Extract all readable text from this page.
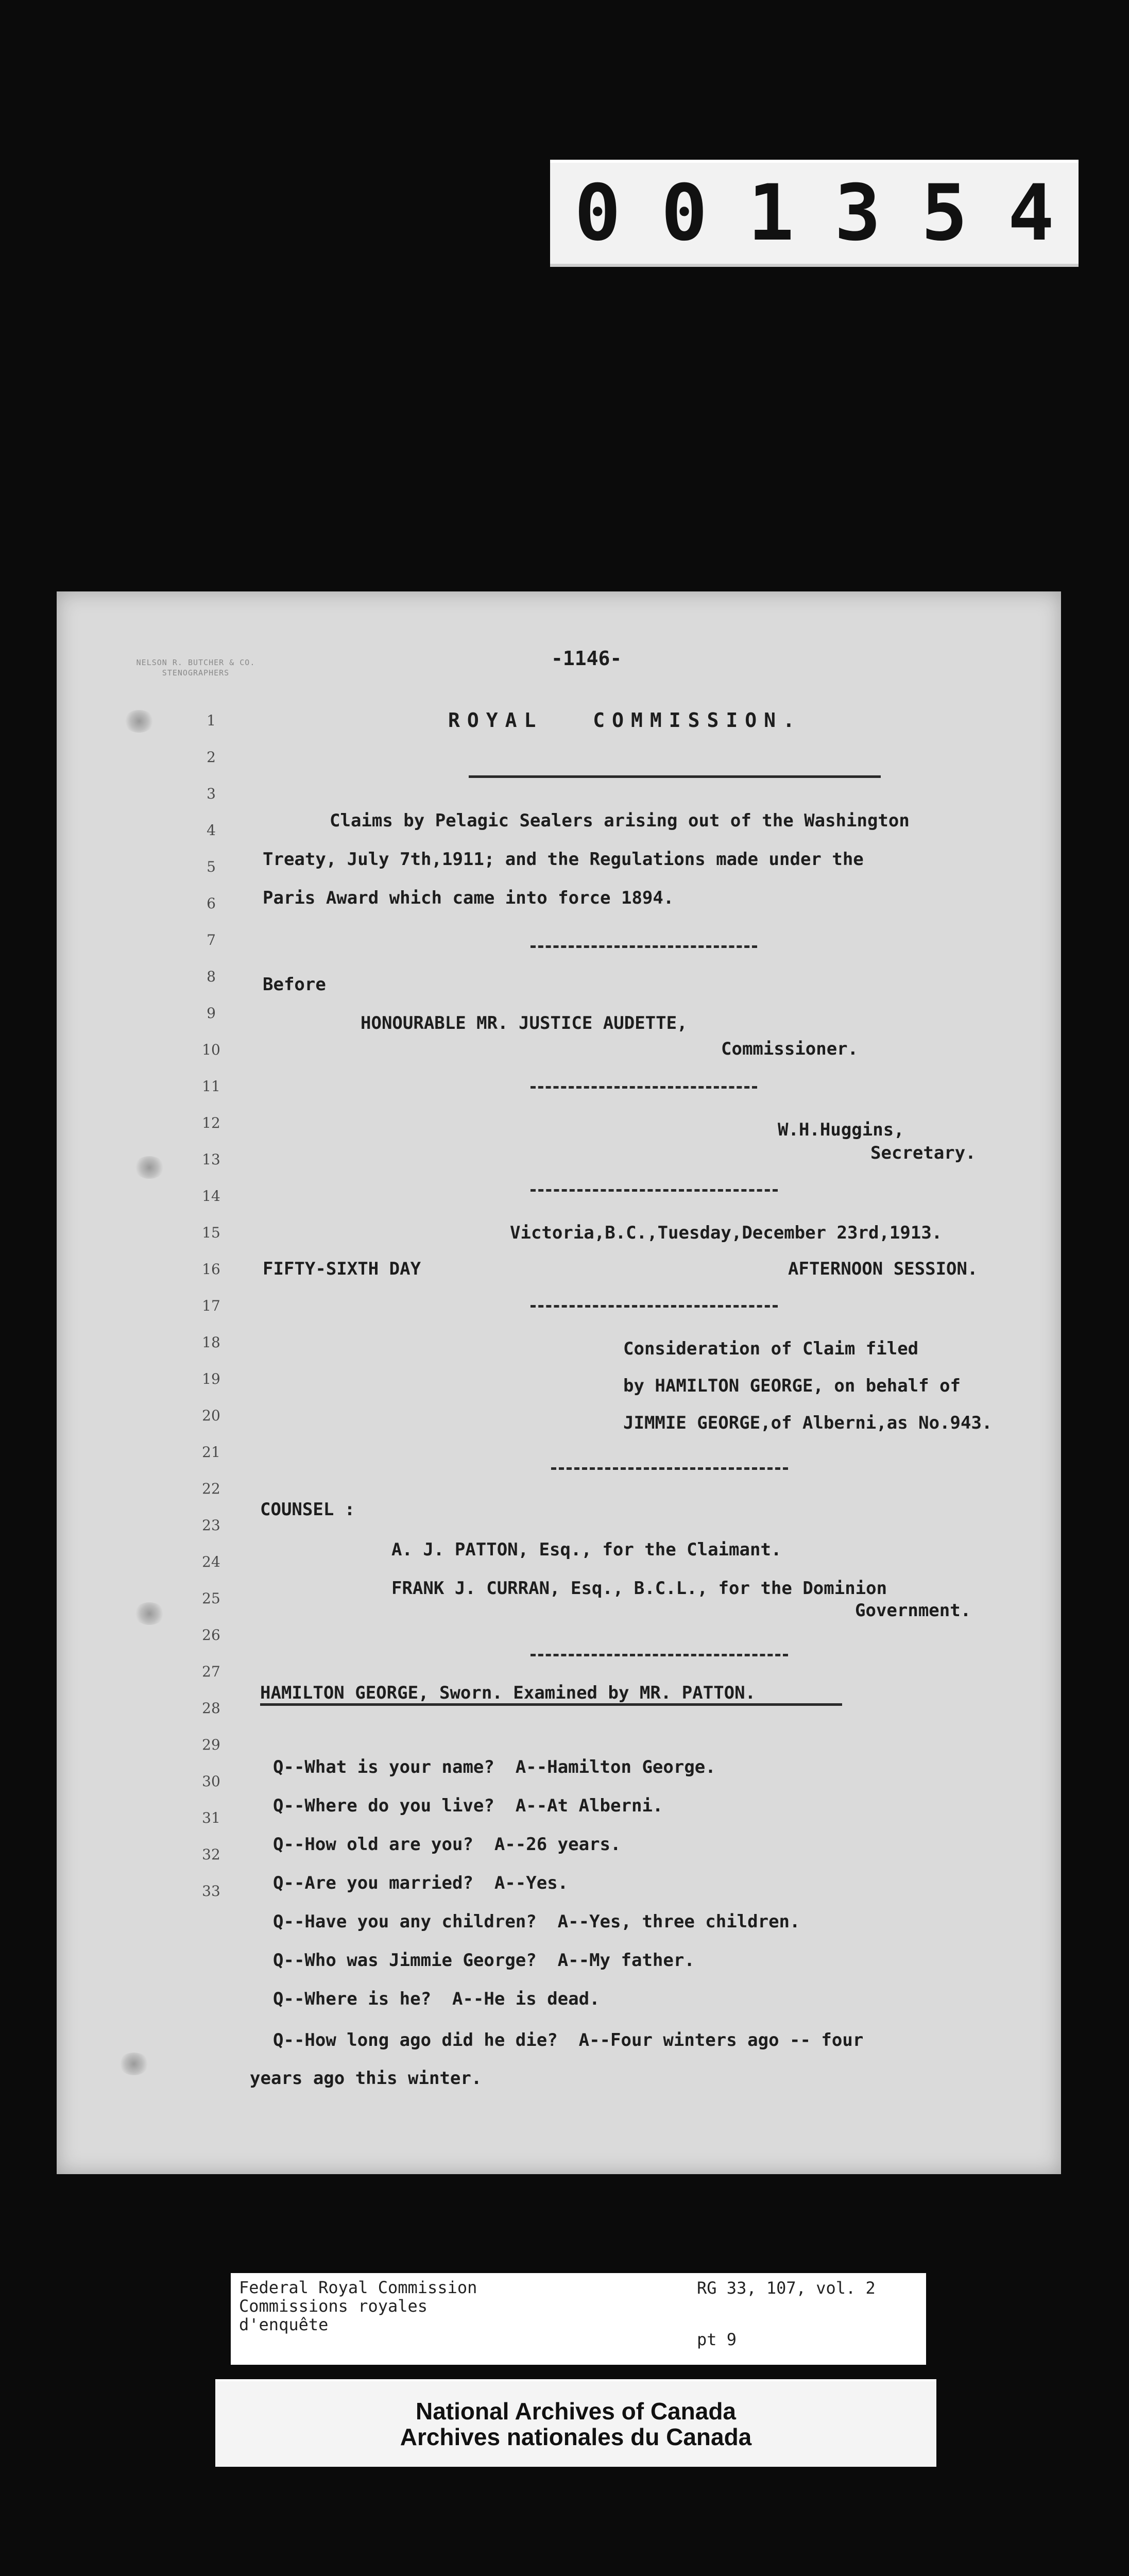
001354
NELSON R. BUTCHER & CO.
STENOGRAPHERS
-1146-
ROYAL COMMISSION.
1
2
3
4
5
6
7
8
9
10
11
12
13
14
15
16
17
18
19
20
21
22
23
24
25
26
27
28
29
30
31
32
33
Claims by Pelagic Sealers arising out of the Washington
Treaty, July 7th,1911; and the Regulations made under the
Paris Award which came into force 1894.
Before
HONOURABLE MR. JUSTICE AUDETTE,
Commissioner.
W.H.Huggins,
Secretary.
Victoria,B.C.,Tuesday,December 23rd,1913.
FIFTY-SIXTH DAY	AFTERNOON SESSION.
Consideration of Claim filed
by HAMILTON GEORGE, on behalf of
JIMMIE GEORGE,of Alberni,as No.943.
COUNSEL :
A. J. PATTON, Esq., for the Claimant.
FRANK J. CURRAN, Esq., B.C.L., for the Dominion
Government.
HAMILTON GEORGE, Sworn. Examined by MR. PATTON.
Q--What is your name?  A--Hamilton George.
Q--Where do you live?  A--At Alberni.
Q--How old are you?  A--26 years.
Q--Are you married?  A--Yes.
Q--Have you any children?  A--Yes, three children.
Q--Who was Jimmie George?  A--My father.
Q--Where is he?  A--He is dead.
Q--How long ago did he die?  A--Four winters ago -- four
years ago this winter.
Federal Royal Commission
Commissions royales
d'enquête
RG 33, 107, vol. 2
pt 9
National Archives of Canada
Archives nationales du Canada
